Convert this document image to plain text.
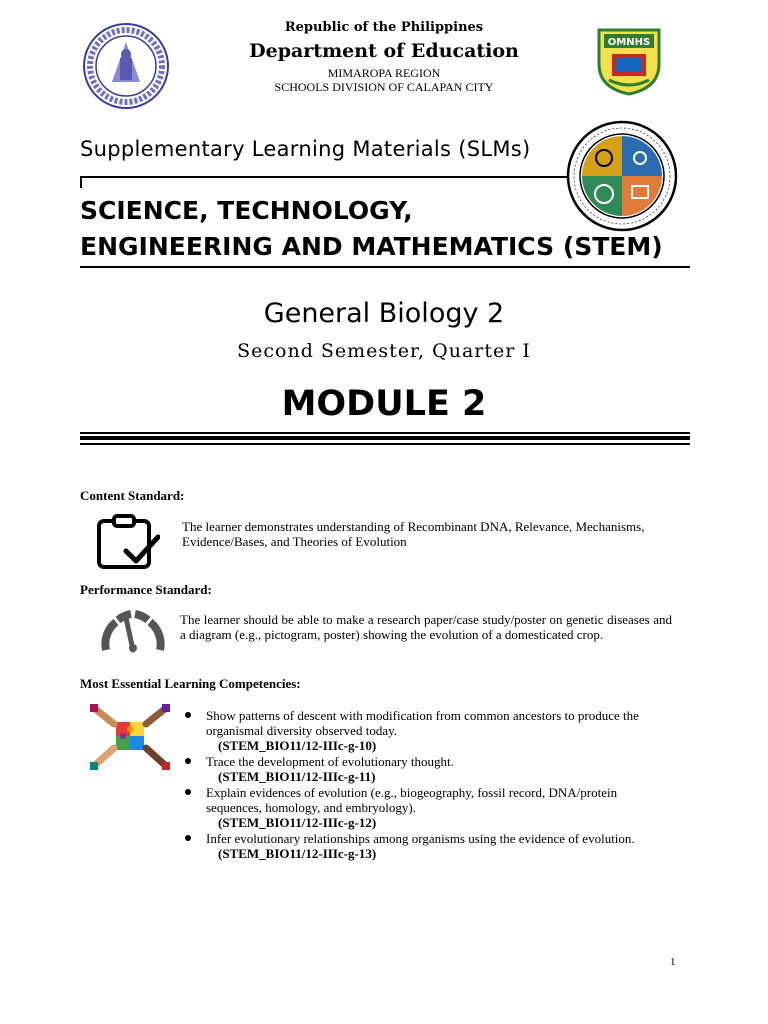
Republic of the Philippines
Department of Education
MIMAROPA REGION
SCHOOLS DIVISION OF CALAPAN CITY
OMNHS
Supplementary Learning Materials (SLMs)
SCIENCE, TECHNOLOGY,
ENGINEERING AND MATHEMATICS (STEM)
General Biology 2
Second Semester, Quarter I
MODULE 2
Content Standard:
The learner demonstrates understanding of Recombinant DNA, Relevance, Mechanisms, Evidence/Bases, and Theories of Evolution
Performance Standard:
The learner should be able to make a research paper/case study/poster on genetic diseases and a diagram (e.g., pictogram, poster) showing the evolution of a domesticated crop.
Most Essential Learning Competencies:
Show patterns of descent with modification from common ancestors to produce the organismal diversity observed today.
(STEM_BIO11/12-IIIc-g-10)
Trace the development of evolutionary thought.
(STEM_BIO11/12-IIIc-g-11)
Explain evidences of evolution (e.g., biogeography, fossil record, DNA/protein sequences, homology, and embryology).
(STEM_BIO11/12-IIIc-g-12)
Infer evolutionary relationships among organisms using the evidence of evolution.
(STEM_BIO11/12-IIIc-g-13)
1
